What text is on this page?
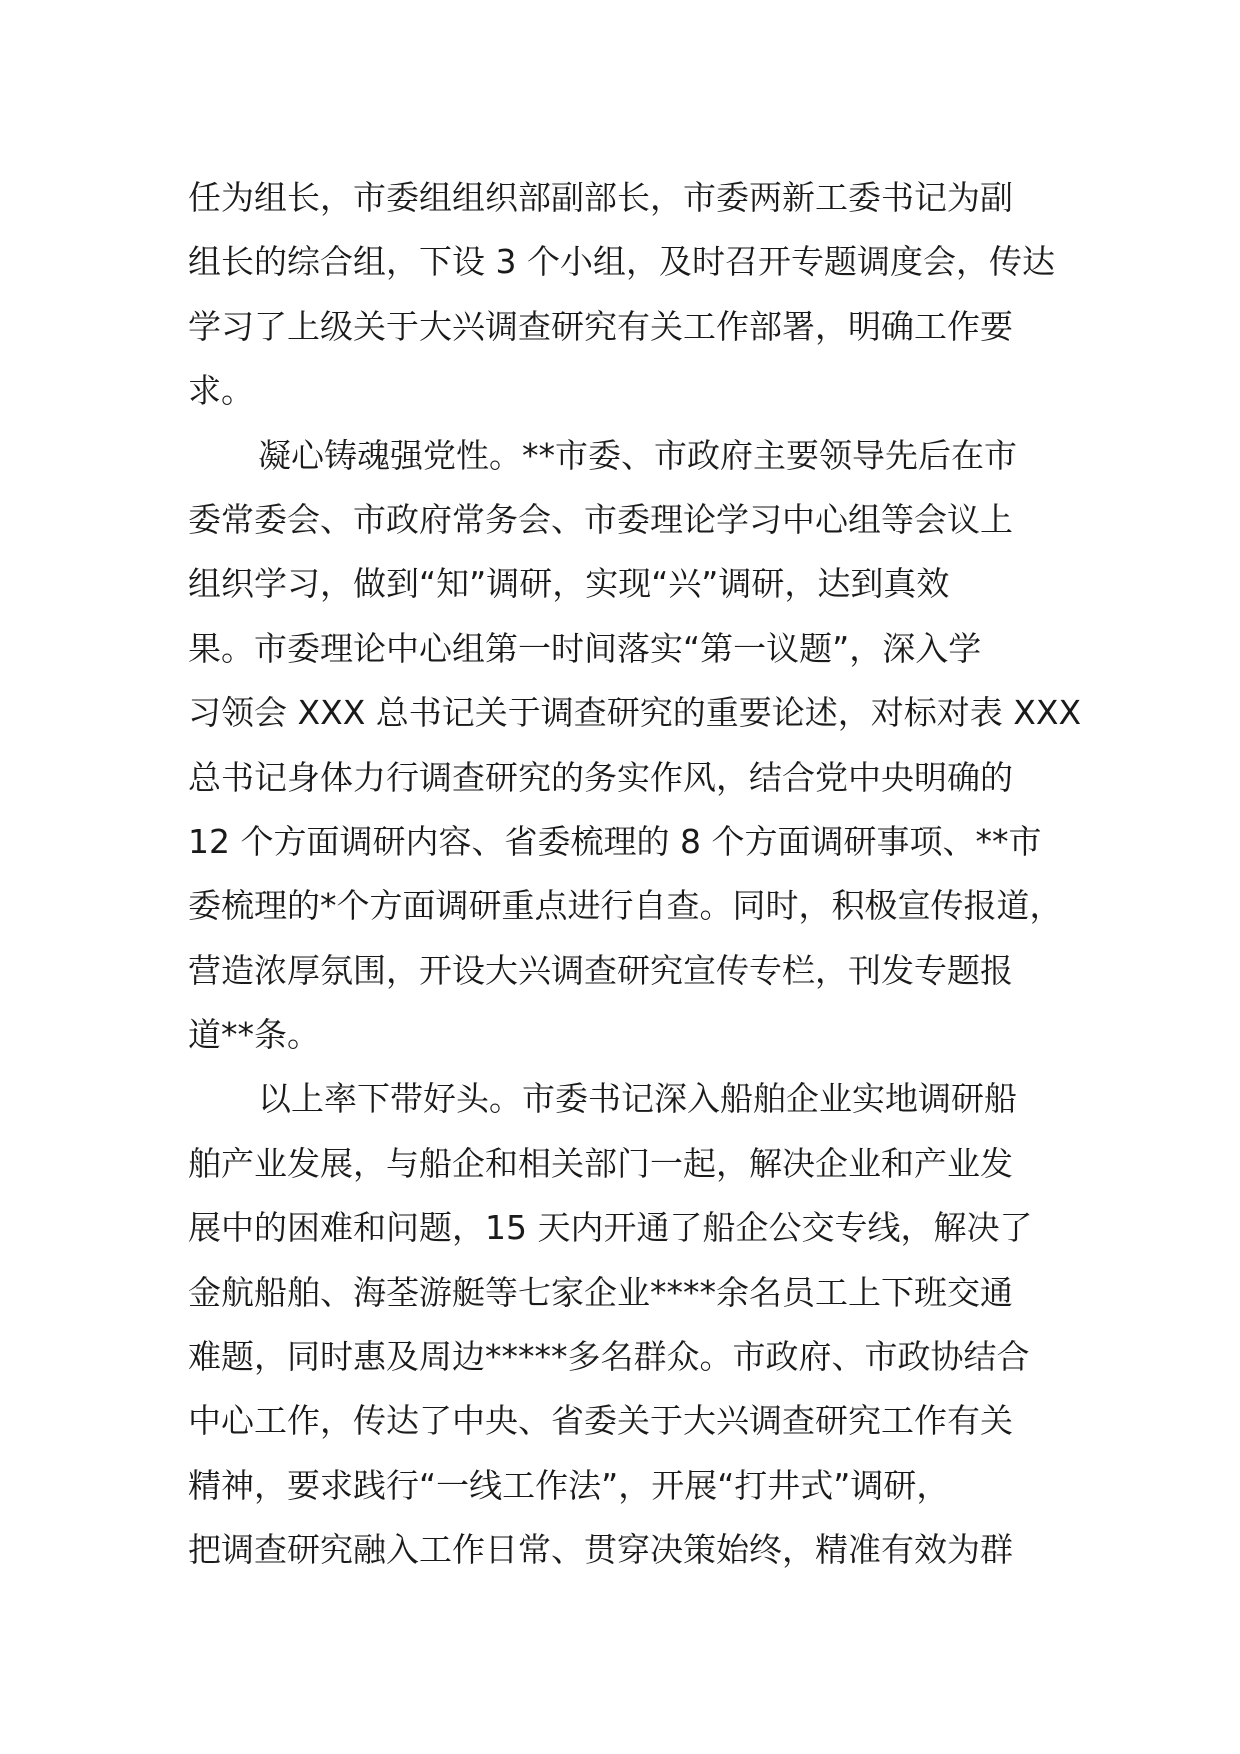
任为组长，市委组组织部副部长，市委两新工委书记为副
组长的综合组，下设 3 个小组，及时召开专题调度会，传达
学习了上级关于大兴调查研究有关工作部署，明确工作要
求。
凝心铸魂强党性。**市委、市政府主要领导先后在市
委常委会、市政府常务会、市委理论学习中心组等会议上
组织学习，做到“知”调研，实现“兴”调研，达到真效
果。市委理论中心组第一时间落实“第一议题”，深入学
习领会 XXX 总书记关于调查研究的重要论述，对标对表 XXX
总书记身体力行调查研究的务实作风，结合党中央明确的
12 个方面调研内容、省委梳理的 8 个方面调研事项、**市
委梳理的*个方面调研重点进行自查。同时，积极宣传报道，
营造浓厚氛围，开设大兴调查研究宣传专栏，刊发专题报
道**条。
以上率下带好头。市委书记深入船舶企业实地调研船
舶产业发展，与船企和相关部门一起，解决企业和产业发
展中的困难和问题，15 天内开通了船企公交专线，解决了
金航船舶、海荃游艇等七家企业****余名员工上下班交通
难题，同时惠及周边*****多名群众。市政府、市政协结合
中心工作，传达了中央、省委关于大兴调查研究工作有关
精神，要求践行“一线工作法”，开展“打井式”调研，
把调查研究融入工作日常、贯穿决策始终，精准有效为群
